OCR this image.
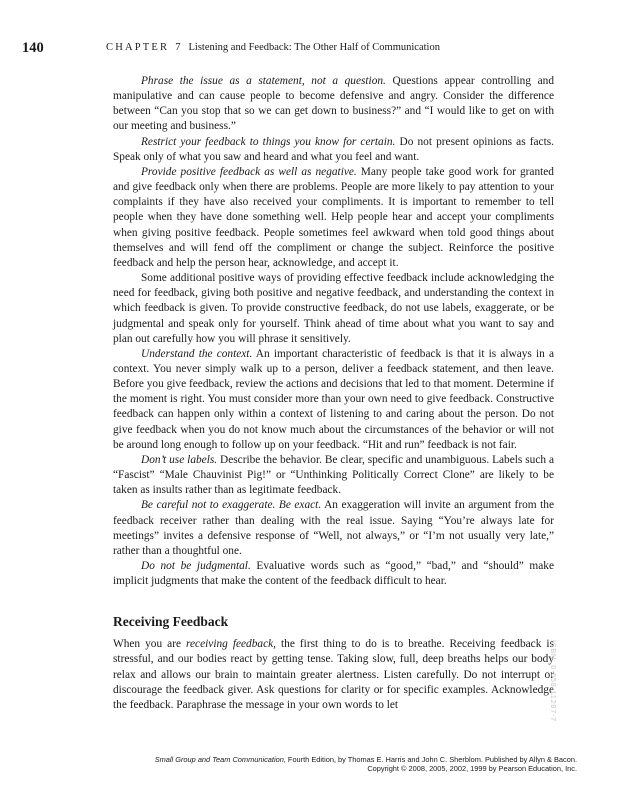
140	CHAPTER 7 Listening and Feedback: The Other Half of Communication

Phrase the issue as a statement, not a question. Questions appear controlling and manipulative and can cause people to become defensive and angry. Consider the difference between “Can you stop that so we can get down to business?” and “I would like to get on with our meeting and business.”

Restrict your feedback to things you know for certain. Do not present opinions as facts. Speak only of what you saw and heard and what you feel and want.

Provide positive feedback as well as negative. Many people take good work for granted and give feedback only when there are problems. People are more likely to pay attention to your complaints if they have also received your compliments. It is important to remember to tell people when they have done something well. Help people hear and accept your compliments when giving positive feedback. People sometimes feel awkward when told good things about themselves and will fend off the compliment or change the subject. Reinforce the positive feedback and help the person hear, acknowledge, and accept it.

Some additional positive ways of providing effective feedback include acknowledging the need for feedback, giving both positive and negative feedback, and understanding the context in which feedback is given. To provide constructive feedback, do not use labels, exaggerate, or be judgmental and speak only for yourself. Think ahead of time about what you want to say and plan out carefully how you will phrase it sensitively.

Understand the context. An important characteristic of feedback is that it is always in a context. You never simply walk up to a person, deliver a feedback statement, and then leave. Before you give feedback, review the actions and decisions that led to that moment. Determine if the moment is right. You must consider more than your own need to give feedback. Constructive feedback can happen only within a context of listening to and caring about the person. Do not give feedback when you do not know much about the circumstances of the behavior or will not be around long enough to follow up on your feedback. “Hit and run” feedback is not fair.

Don’t use labels. Describe the behavior. Be clear, specific and unambiguous. Labels such a “Fascist” “Male Chauvinist Pig!” or “Unthinking Politically Correct Clone” are likely to be taken as insults rather than as legitimate feedback.

Be careful not to exaggerate. Be exact. An exaggeration will invite an argument from the feedback receiver rather than dealing with the real issue. Saying “You’re always late for meetings” invites a defensive response of “Well, not always,” or “I’m not usually very late,” rather than a thoughtful one.

Do not be judgmental. Evaluative words such as “good,” “bad,” and “should” make implicit judgments that make the content of the feedback difficult to hear.

Receiving Feedback

When you are receiving feedback, the first thing to do is to breathe. Receiving feedback is stressful, and our bodies react by getting tense. Taking slow, full, deep breaths helps our body relax and allows our brain to maintain greater alertness. Listen carefully. Do not interrupt or discourage the feedback giver. Ask questions for clarity or for specific examples. Acknowledge the feedback. Paraphrase the message in your own words to let	ISBN: 0-558-11287-7
Small Group and Team Communication, Fourth Edition, by Thomas E. Harris and John C. Sherblom. Published by Allyn & Bacon.
Copyright © 2008, 2005, 2002, 1999 by Pearson Education, Inc.
